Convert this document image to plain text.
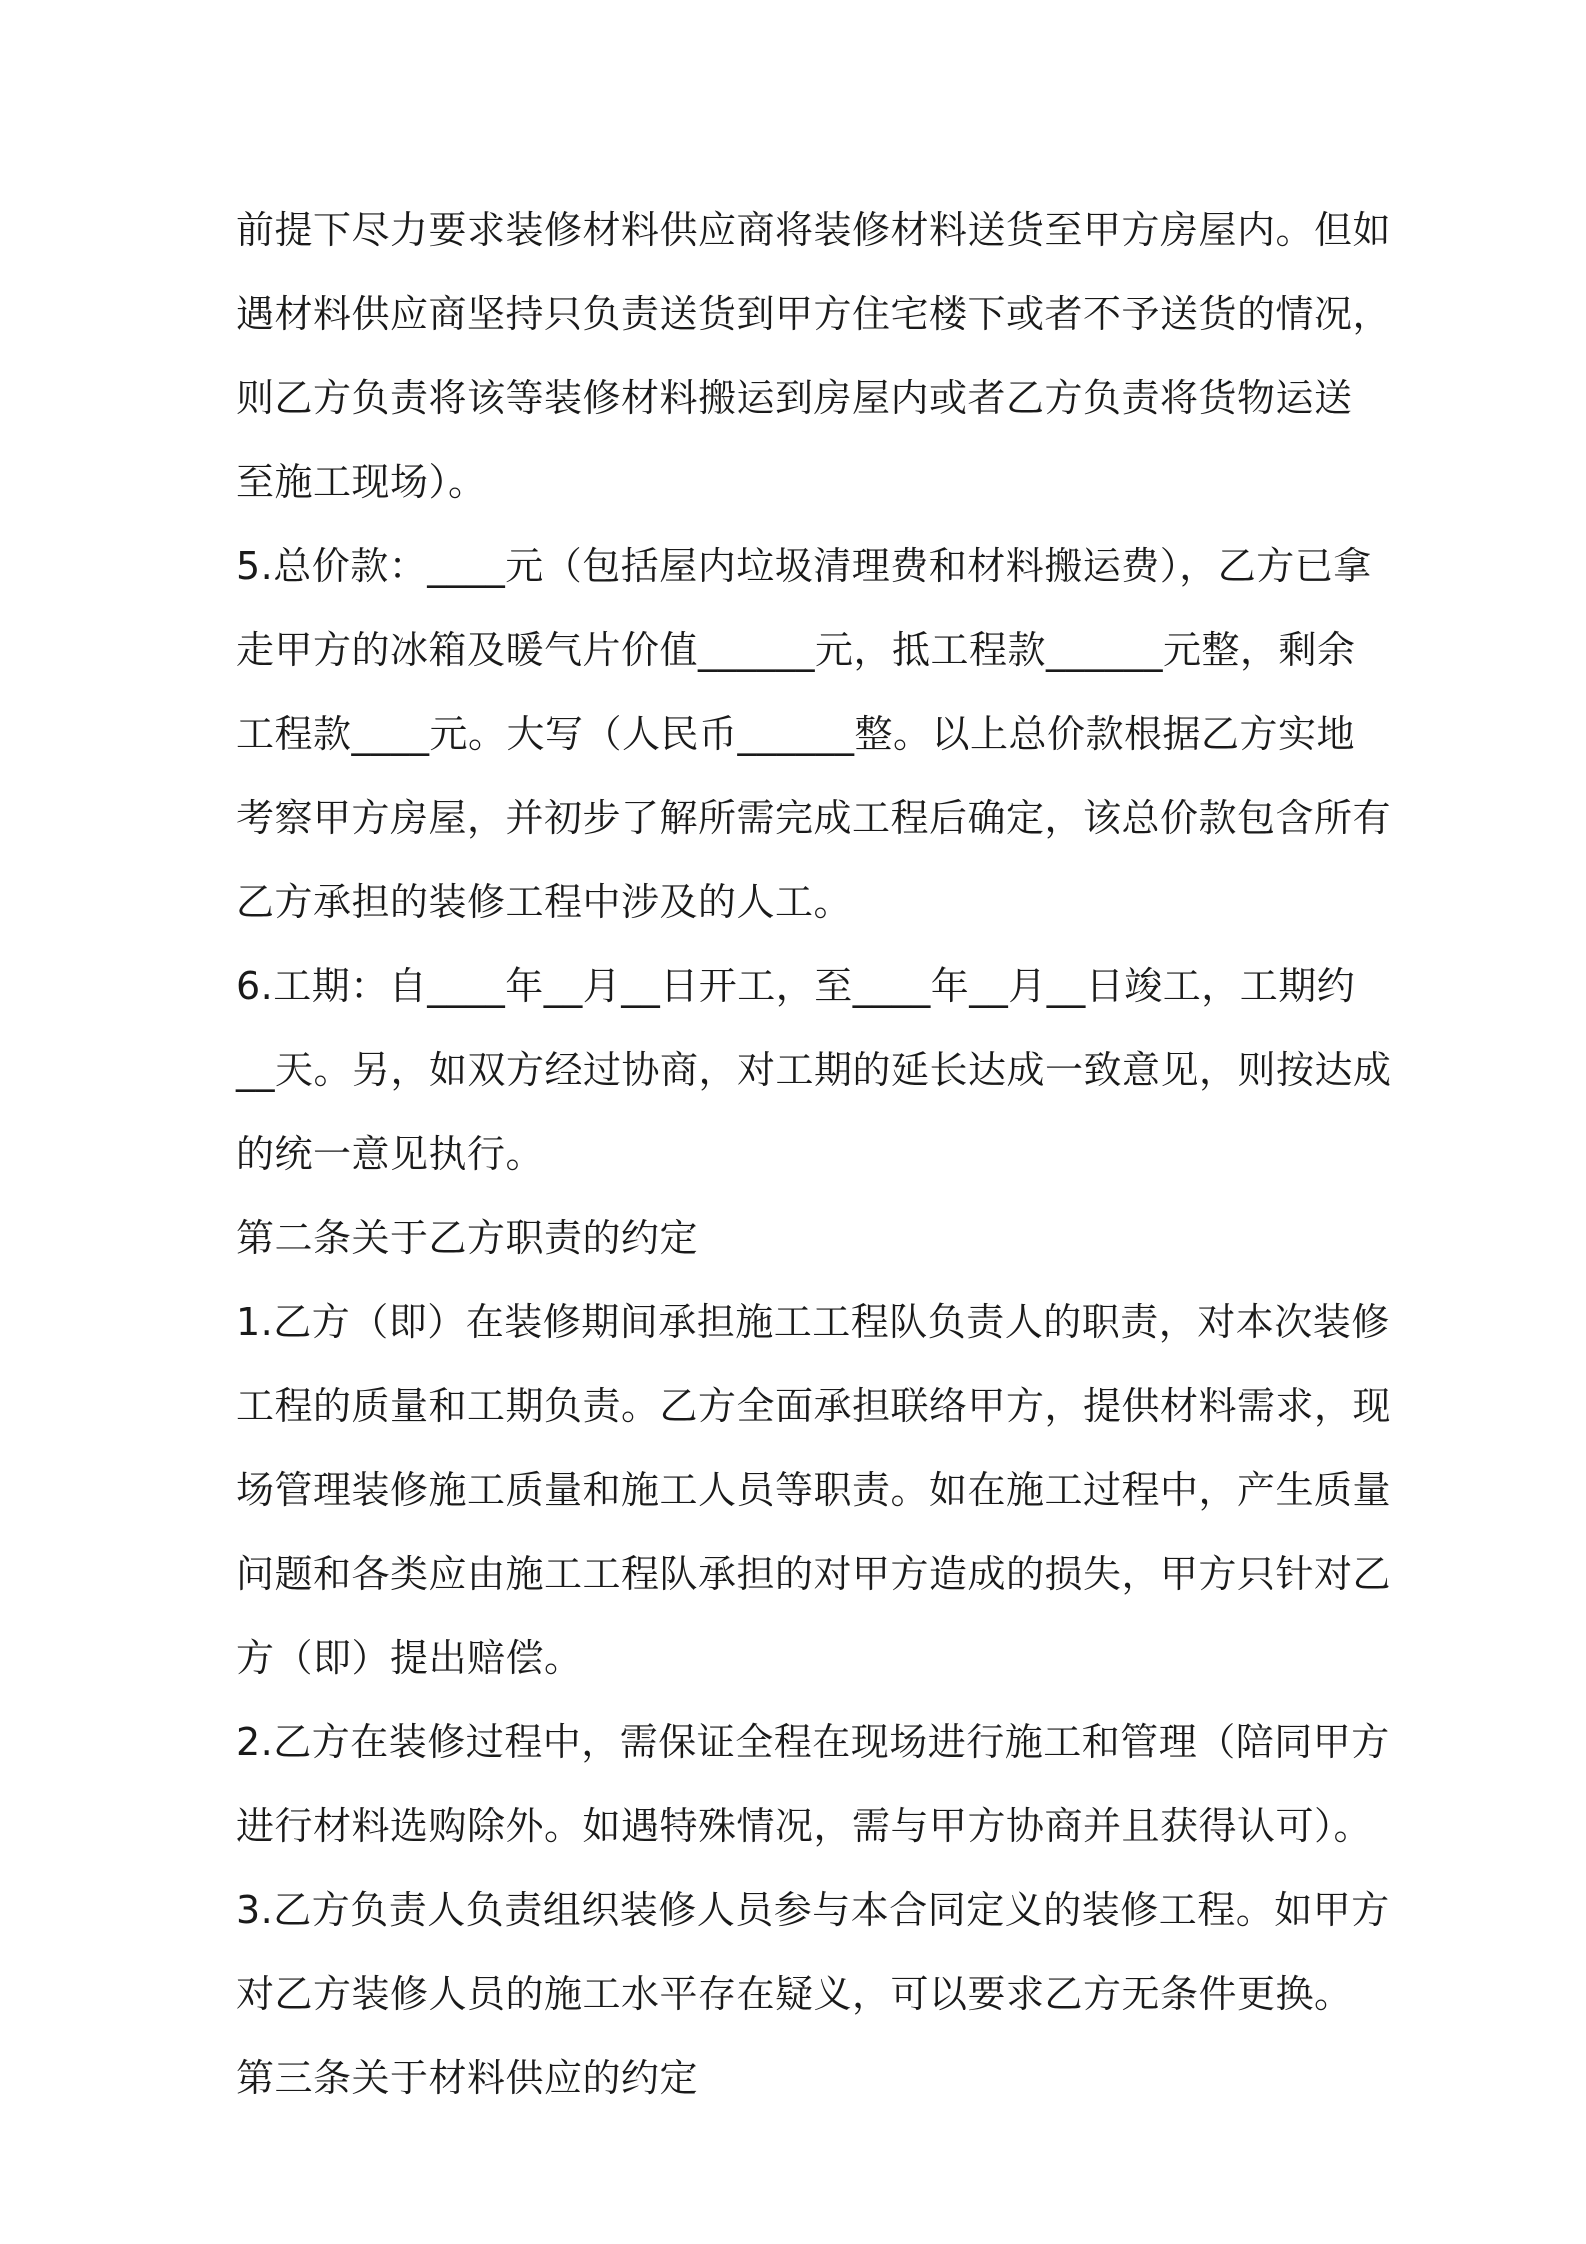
前提下尽力要求装修材料供应商将装修材料送货至甲方房屋内。但如
遇材料供应商坚持只负责送货到甲方住宅楼下或者不予送货的情况，
则乙方负责将该等装修材料搬运到房屋内或者乙方负责将货物运送
至施工现场）。
5.总价款：____元（包括屋内垃圾清理费和材料搬运费），乙方已拿
走甲方的冰箱及暖气片价值______元，抵工程款______元整，剩余
工程款____元。大写（人民币______整。以上总价款根据乙方实地
考察甲方房屋，并初步了解所需完成工程后确定，该总价款包含所有
乙方承担的装修工程中涉及的人工。
6.工期：自____年__月__日开工，至____年__月__日竣工，工期约
__天。另，如双方经过协商，对工期的延长达成一致意见，则按达成
的统一意见执行。
第二条关于乙方职责的约定
1.乙方（即）在装修期间承担施工工程队负责人的职责，对本次装修
工程的质量和工期负责。乙方全面承担联络甲方，提供材料需求，现
场管理装修施工质量和施工人员等职责。如在施工过程中，产生质量
问题和各类应由施工工程队承担的对甲方造成的损失，甲方只针对乙
方（即）提出赔偿。
2.乙方在装修过程中，需保证全程在现场进行施工和管理（陪同甲方
进行材料选购除外。如遇特殊情况，需与甲方协商并且获得认可）。
3.乙方负责人负责组织装修人员参与本合同定义的装修工程。如甲方
对乙方装修人员的施工水平存在疑义，可以要求乙方无条件更换。
第三条关于材料供应的约定
